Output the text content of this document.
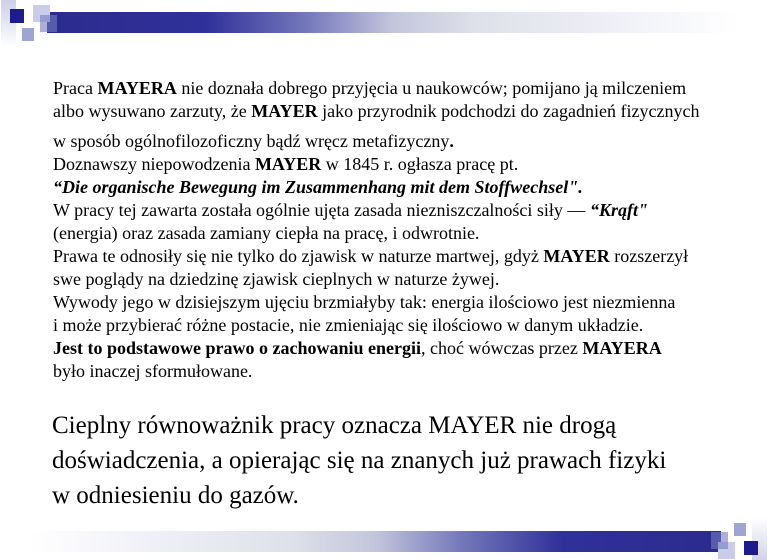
Praca MAYERA nie doznała dobrego przyjęcia u naukowców; pomijano ją milczeniem
albo wysuwano zarzuty, że MAYER jako przyrodnik podchodzi do zagadnień fizycznych
w sposób ogólnofilozoficzny bądź wręcz metafizyczny.
Doznawszy niepowodzenia MAYER w 1845 r. ogłasza pracę pt.
“Die organische Bewegung im Zusammenhang mit dem Stoffwechsel".
W pracy tej zawarta została ogólnie ujęta zasada niezniszczalności siły — “Krąft"
(energia) oraz zasada zamiany ciepła na pracę, i odwrotnie.
Prawa te odnosiły się nie tylko do zjawisk w naturze martwej, gdyż MAYER rozszerzył
swe poglądy na dziedzinę zjawisk cieplnych w naturze żywej.
Wywody jego w dzisiejszym ujęciu brzmiałyby tak: energia ilościowo jest niezmienna
i może przybierać różne postacie, nie zmieniając się ilościowo w danym układzie.
Jest to podstawowe prawo o zachowaniu energii, choć wówczas przez MAYERA
było inaczej sformułowane.
Cieplny równoważnik pracy oznacza MAYER nie drogą
doświadczenia, a opierając się na znanych już prawach fizyki
w odniesieniu do gazów.
